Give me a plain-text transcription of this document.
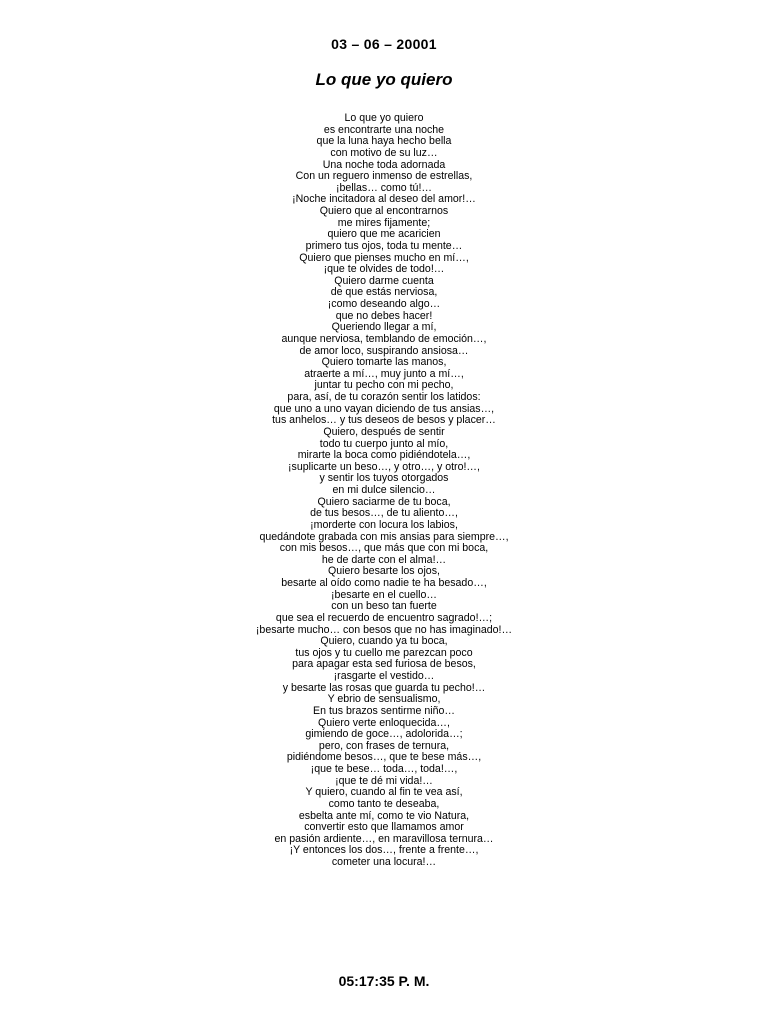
03 – 06 – 20001
Lo que yo quiero
Lo que yo quiero
es encontrarte una noche
que la luna haya hecho bella
con motivo de su luz…
Una noche toda adornada
Con un reguero inmenso de estrellas,
¡bellas… como tú!…
¡Noche incitadora al deseo del amor!…
Quiero que al encontrarnos
me mires fijamente;
quiero que me acaricien
primero tus ojos, toda tu mente…
Quiero que pienses mucho en mí…,
¡que te olvides de todo!…
Quiero darme cuenta
de que estás nerviosa,
¡como deseando algo…
que no debes hacer!
Queriendo llegar a mí,
aunque nerviosa, temblando de emoción…,
de amor loco, suspirando ansiosa…
Quiero tomarte las manos,
atraerte a mí…, muy junto a mí…,
juntar tu pecho con mi pecho,
para, así, de tu corazón sentir los latidos:
que uno a uno vayan diciendo de tus ansias…,
tus anhelos… y tus deseos de besos y placer…
Quiero, después de sentir
todo tu cuerpo junto al mío,
mirarte la boca como pidiéndotela…,
¡suplicarte un beso…, y otro…, y otro!…,
y sentir los tuyos otorgados
en mi dulce silencio…
Quiero saciarme de tu boca,
de tus besos…, de tu aliento…,
¡morderte con locura los labios,
quedándote grabada con mis ansias para siempre…,
con mis besos…, que más que con mi boca,
he de darte con el alma!…
Quiero besarte los ojos,
besarte al oído como nadie te ha besado…,
¡besarte en el cuello…
con un beso tan fuerte
que sea el recuerdo de encuentro sagrado!…;
¡besarte mucho… con besos que no has imaginado!…
Quiero, cuando ya tu boca,
tus ojos y tu cuello me parezcan poco
para apagar esta sed furiosa de besos,
¡rasgarte el vestido…
y besarte las rosas que guarda tu pecho!…
Y ebrio de sensualismo,
En tus brazos sentirme niño…
Quiero verte enloquecida…,
gimiendo de goce…, adolorida…;
pero, con frases de ternura,
pidiéndome besos…, que te bese más…,
¡que te bese… toda…, toda!…,
¡que te dé mi vida!…
Y quiero, cuando al fin te vea así,
como tanto te deseaba,
esbelta ante mí, como te vio Natura,
convertir esto que llamamos amor
en pasión ardiente…, en maravillosa ternura…
¡Y entonces los dos…, frente a frente…,
cometer una locura!…
05:17:35 P. M.
